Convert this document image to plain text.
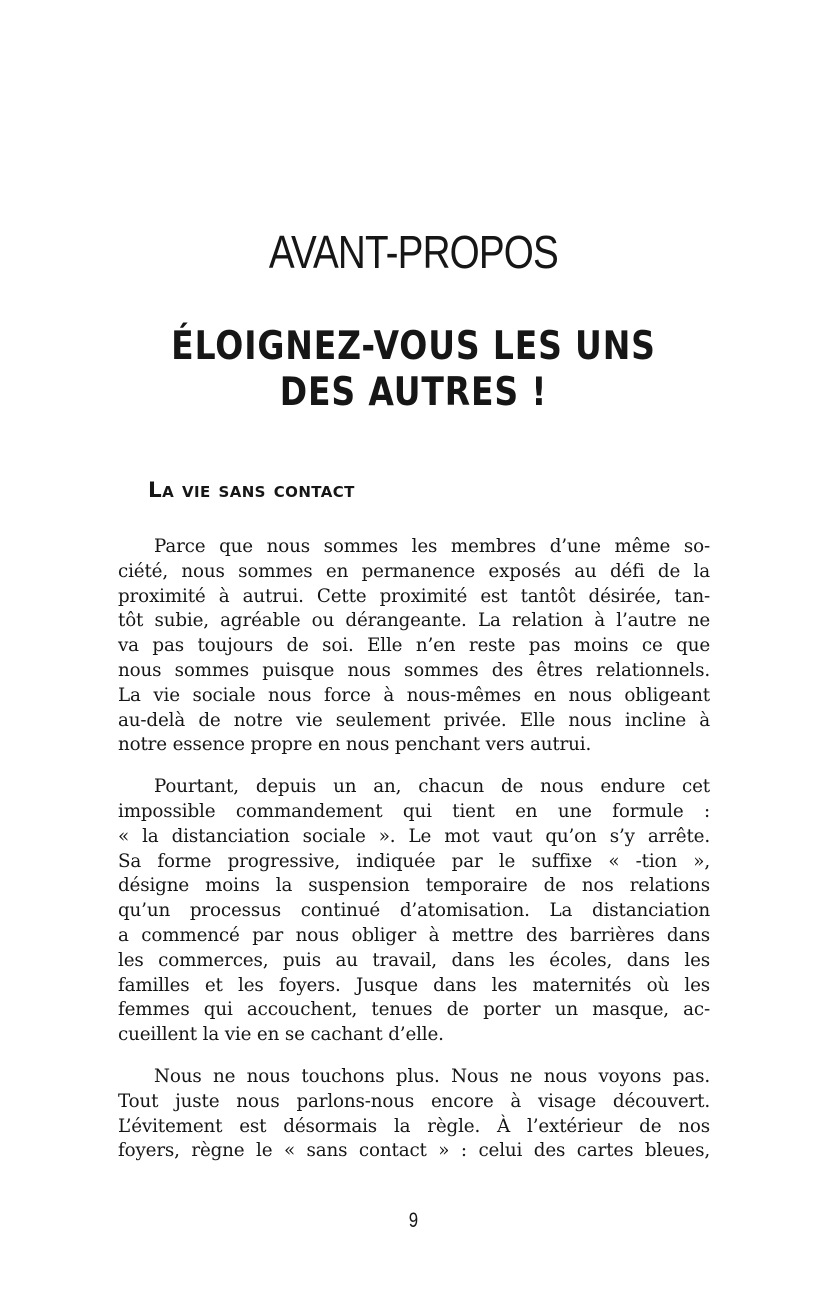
AVANT-PROPOS
ÉLOIGNEZ-VOUS LES UNS
DES AUTRES !
La vie sans contact
Parce que nous sommes les membres d’une même so-
ciété, nous sommes en permanence exposés au défi de la
proximité à autrui. Cette proximité est tantôt désirée, tan-
tôt subie, agréable ou dérangeante. La relation à l’autre ne
va pas toujours de soi. Elle n’en reste pas moins ce que
nous sommes puisque nous sommes des êtres relationnels.
La vie sociale nous force à nous-mêmes en nous obligeant
au-delà de notre vie seulement privée. Elle nous incline à
notre essence propre en nous penchant vers autrui.
Pourtant, depuis un an, chacun de nous endure cet
impossible commandement qui tient en une formule :
« la distanciation sociale ». Le mot vaut qu’on s’y arrête.
Sa forme progressive, indiquée par le suffixe « -tion »,
désigne moins la suspension temporaire de nos relations
qu’un processus continué d’atomisation. La distanciation
a commencé par nous obliger à mettre des barrières dans
les commerces, puis au travail, dans les écoles, dans les
familles et les foyers. Jusque dans les maternités où les
femmes qui accouchent, tenues de porter un masque, ac-
cueillent la vie en se cachant d’elle.
Nous ne nous touchons plus. Nous ne nous voyons pas.
Tout juste nous parlons-nous encore à visage découvert.
L’évitement est désormais la règle. À l’extérieur de nos
foyers, règne le « sans contact » : celui des cartes bleues,
9
